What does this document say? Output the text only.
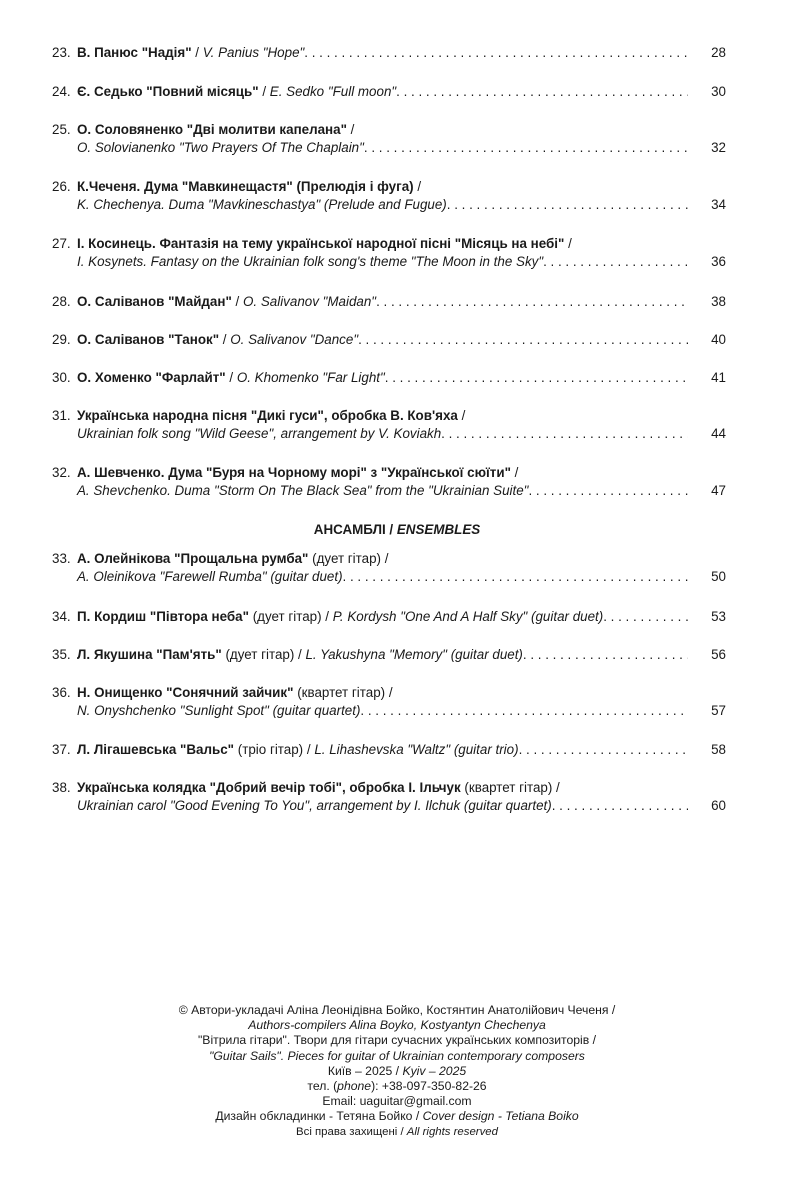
23. В. Панюс "Надія" / V. Panius "Hope" . . .	28
24. Є. Седько "Повний місяць" / E. Sedko "Full moon" . . .	30
25. О. Соловяненко "Дві молитви капелана" /
O. Solovianenko "Two Prayers Of The Chaplain" . . .	32
26. К.Чеченя. Дума "Мавкинещастя" (Прелюдія і фуга) /
K. Chechenya. Duma "Mavkineschastya" (Prelude and Fugue) . . .	34
27. І. Косинець. Фантазія на тему української народної пісні "Місяць на небі" /
I. Kosynets. Fantasy on the Ukrainian folk song's theme "The Moon in the Sky" . . .	36
28. О. Саліванов "Майдан" / O. Salivanov "Maidan" . . .	38
29. О. Саліванов "Танок" / O. Salivanov "Dance" . . .	40
30. О. Хоменко "Фарлайт" / O. Khomenko "Far Light" . . .	41
31. Українська народна пісня "Дикі гуси", обробка В. Ков'яха /
Ukrainian folk song "Wild Geese", arrangement by V. Koviakh . . .	44
32. А. Шевченко. Дума "Буря на Чорному морі" з "Української сюїти" /
A. Shevchenko. Duma "Storm On The Black Sea" from the "Ukrainian Suite" . . .	47
АНСАМБЛІ / ENSEMBLES
33. А. Олейнікова "Прощальна румба" (дует гітар) /
A. Oleinikova "Farewell Rumba" (guitar duet) . . .	50
34. П. Кордиш "Півтора неба" (дует гітар) / P. Kordysh "One And A Half Sky" (guitar duet) . . .	53
35. Л. Якушина "Пам'ять" (дует гітар) / L. Yakushyna "Memory" (guitar duet) . . .	56
36. Н. Онищенко "Сонячний зайчик" (квартет гітар) /
N. Onyshchenko "Sunlight Spot" (guitar quartet) . . .	57
37. Л. Лігашевська "Вальс" (тріо гітар) / L. Lihashevska "Waltz" (guitar trio) . . .	58
38. Українська колядка "Добрий вечір тобі", обробка І. Ільчук (квартет гітар) /
Ukrainian carol "Good Evening To You", arrangement by I. Ilchuk (guitar quartet) . . .	60
© Автори-укладачі Аліна Леонідівна Бойко, Костянтин Анатолійович Чеченя /
Authors-compilers Alina Boyko, Kostyantyn Chechenya
"Вітрила гітари". Твори для гітари сучасних українських композиторів /
"Guitar Sails". Pieces for guitar of Ukrainian contemporary composers
Київ – 2025 / Kyiv – 2025
тел. (phone): +38-097-350-82-26
Email: uaguitar@gmail.com
Дизайн обкладинки - Тетяна Бойко / Cover design - Tetiana Boiko
Всі права захищені / All rights reserved
